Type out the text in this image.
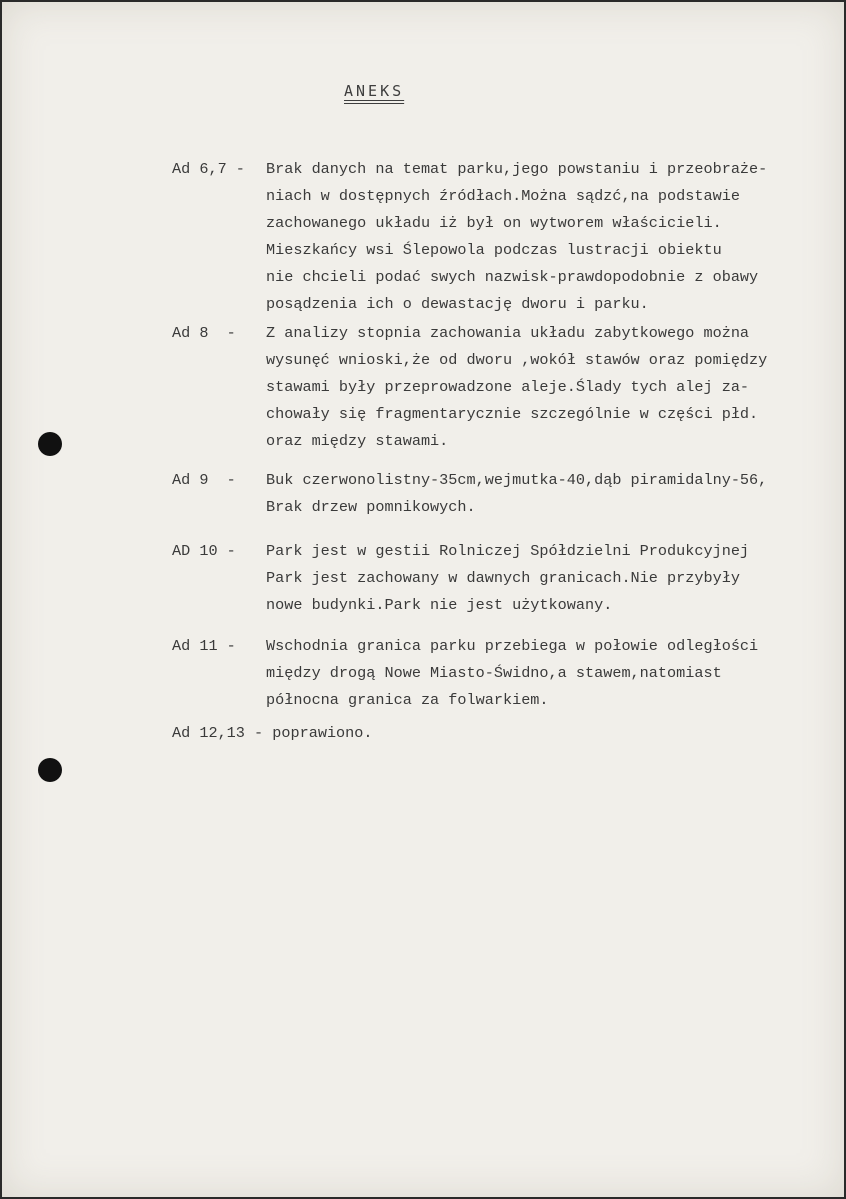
ANEKS
Ad 6,7 - Brak danych na temat parku,jego powstaniu i przeobraże-
niach w dostępnych źródłach.Można sądzć,na podstawie
zachowanego układu iż był on wytworem właścicieli.
Mieszkańcy wsi Ślepowola podczas lustracji obiektu
nie chcieli podać swych nazwisk-prawdopodobnie z obawy
posądzenia ich o dewastację dworu i parku.
Ad 8  - Z analizy stopnia zachowania układu zabytkowego można
wysunęć wnioski,że od dworu ,wokół stawów oraz pomiędzy
stawami były przeprowadzone aleje.Ślady tych alej za-
chowały się fragmentarycznie szczególnie w części płd.
oraz między stawami.
Ad 9  - Buk czerwonolistny-35cm,wejmutka-40,dąb piramidalny-56,
Brak drzew pomnikowych.
AD 10 - Park jest w gestii Rolniczej Spółdzielni Produkcyjnej
Park jest zachowany w dawnych granicach.Nie przybyły
nowe budynki.Park nie jest użytkowany.
Ad 11 - Wschodnia granica parku przebiega w połowie odległości
między drogą Nowe Miasto-Świdno,a stawem,natomiast
północna granica za folwarkiem.
Ad 12,13 - poprawiono.
